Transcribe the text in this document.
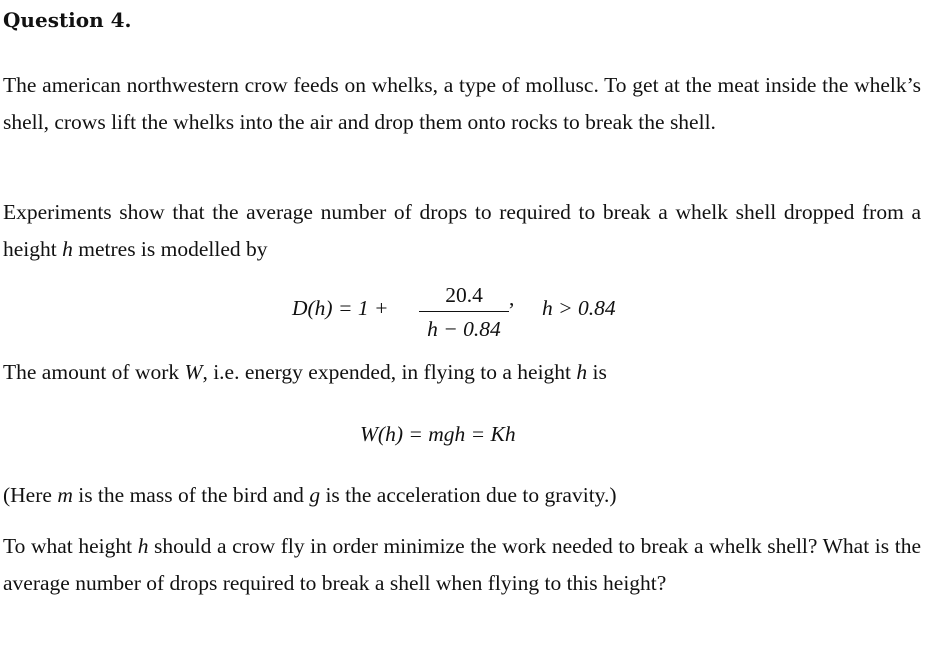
Question 4.

The american northwestern crow feeds on whelks, a type of mollusc. To get at the meat inside the whelk’s shell, crows lift the whelks into the air and drop them onto rocks to break the shell.

Experiments show that the average number of drops to required to break a whelk shell dropped from a height h metres is modelled by

D(h) = 1 +
20.4
h − 0.84
, h > 0.84

The amount of work W, i.e. energy expended, in flying to a height h is

W(h) = mgh = Kh

(Here m is the mass of the bird and g is the acceleration due to gravity.)

To what height h should a crow fly in order minimize the work needed to break a whelk shell? What is the average number of drops required to break a shell when flying to this height?
